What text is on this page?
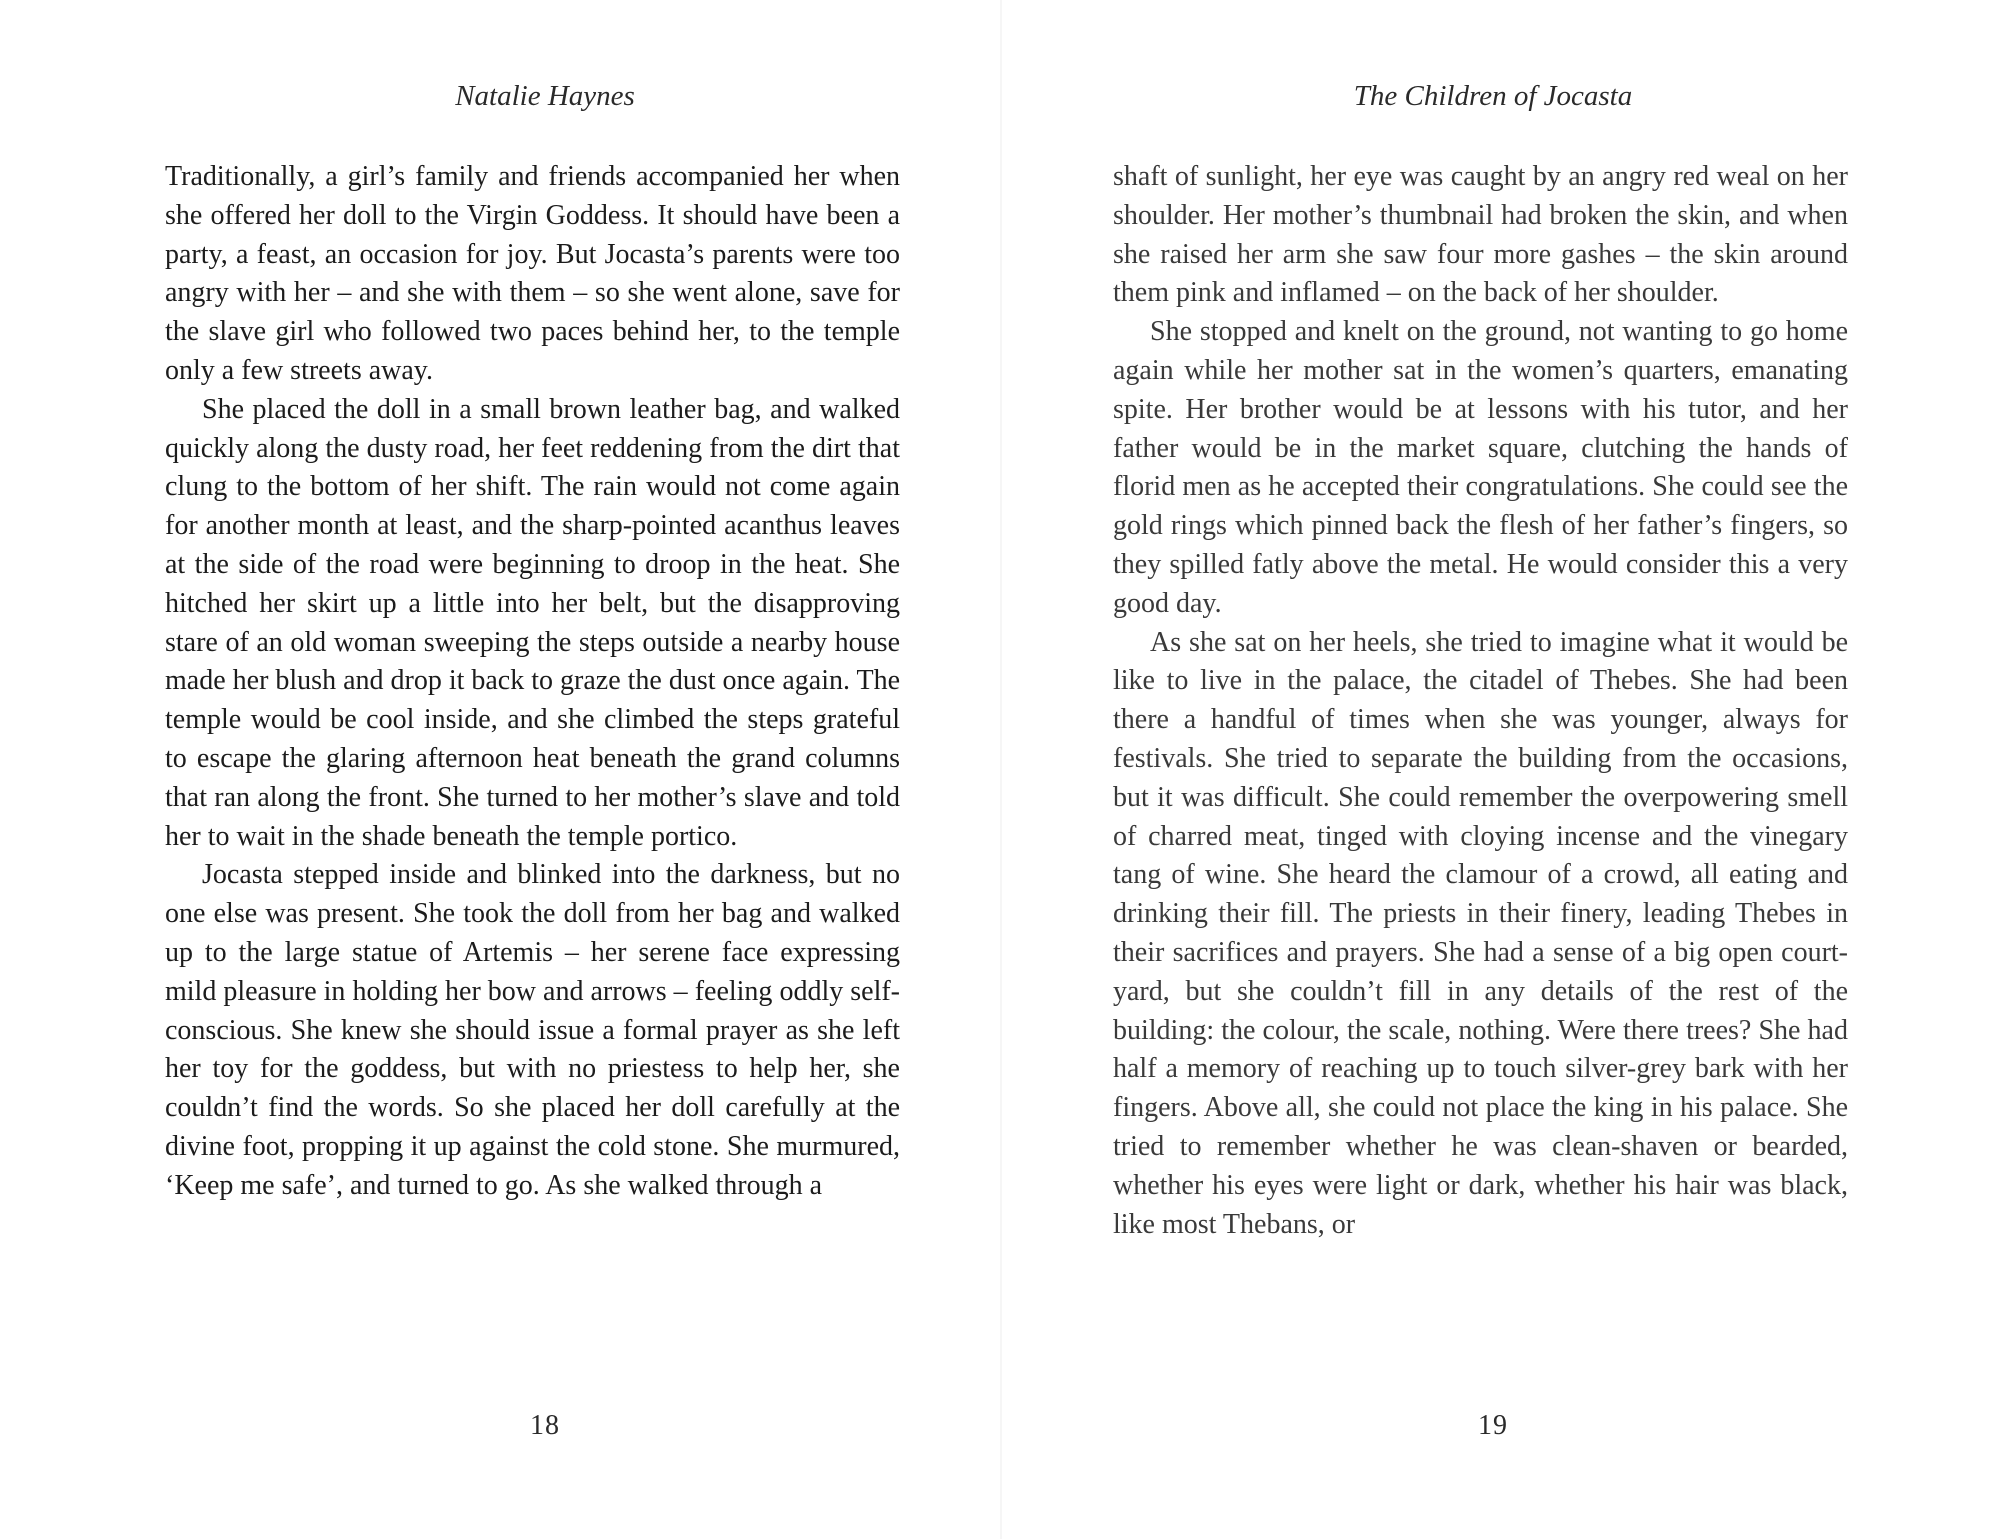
Natalie Haynes

Traditionally, a girl’s family and friends accompanied her when she offered her doll to the Virgin Goddess. It should have been a party, a feast, an occasion for joy. But Jocasta’s parents were too angry with her – and she with them – so she went alone, save for the slave girl who followed two paces behind her, to the temple only a few streets away.

She placed the doll in a small brown leather bag, and walked quickly along the dusty road, her feet reddening from the dirt that clung to the bottom of her shift. The rain would not come again for another month at least, and the sharp-pointed acanthus leaves at the side of the road were beginning to droop in the heat. She hitched her skirt up a little into her belt, but the disapproving stare of an old woman sweeping the steps outside a nearby house made her blush and drop it back to graze the dust once again. The temple would be cool inside, and she climbed the steps grateful to escape the glaring afternoon heat beneath the grand columns that ran along the front. She turned to her mother’s slave and told her to wait in the shade beneath the temple portico.

Jocasta stepped inside and blinked into the darkness, but no one else was present. She took the doll from her bag and walked up to the large statue of Artemis – her serene face expressing mild pleasure in holding her bow and arrows – feeling oddly self-conscious. She knew she should issue a formal prayer as she left her toy for the goddess, but with no priestess to help her, she couldn’t find the words. So she placed her doll carefully at the divine foot, propping it up against the cold stone. She murmured, ‘Keep me safe’, and turned to go. As she walked through a

18
The Children of Jocasta

shaft of sunlight, her eye was caught by an angry red weal on her shoulder. Her mother’s thumbnail had broken the skin, and when she raised her arm she saw four more gashes – the skin around them pink and inflamed – on the back of her shoulder.

She stopped and knelt on the ground, not wanting to go home again while her mother sat in the women’s quarters, emanating spite. Her brother would be at lessons with his tutor, and her father would be in the market square, clutching the hands of florid men as he accepted their congratulations. She could see the gold rings which pinned back the flesh of her father’s fingers, so they spilled fatly above the metal. He would consider this a very good day.

As she sat on her heels, she tried to imagine what it would be like to live in the palace, the citadel of Thebes. She had been there a handful of times when she was younger, always for festivals. She tried to separate the building from the occasions, but it was difficult. She could remember the overpowering smell of charred meat, tinged with cloying incense and the vinegary tang of wine. She heard the clamour of a crowd, all eating and drinking their fill. The priests in their finery, leading Thebes in their sacrifices and prayers. She had a sense of a big open courtyard, but she couldn’t fill in any details of the rest of the building: the colour, the scale, nothing. Were there trees? She had half a memory of reaching up to touch silver-grey bark with her fingers. Above all, she could not place the king in his palace. She tried to remember whether he was clean-shaven or bearded, whether his eyes were light or dark, whether his hair was black, like most Thebans, or

19
